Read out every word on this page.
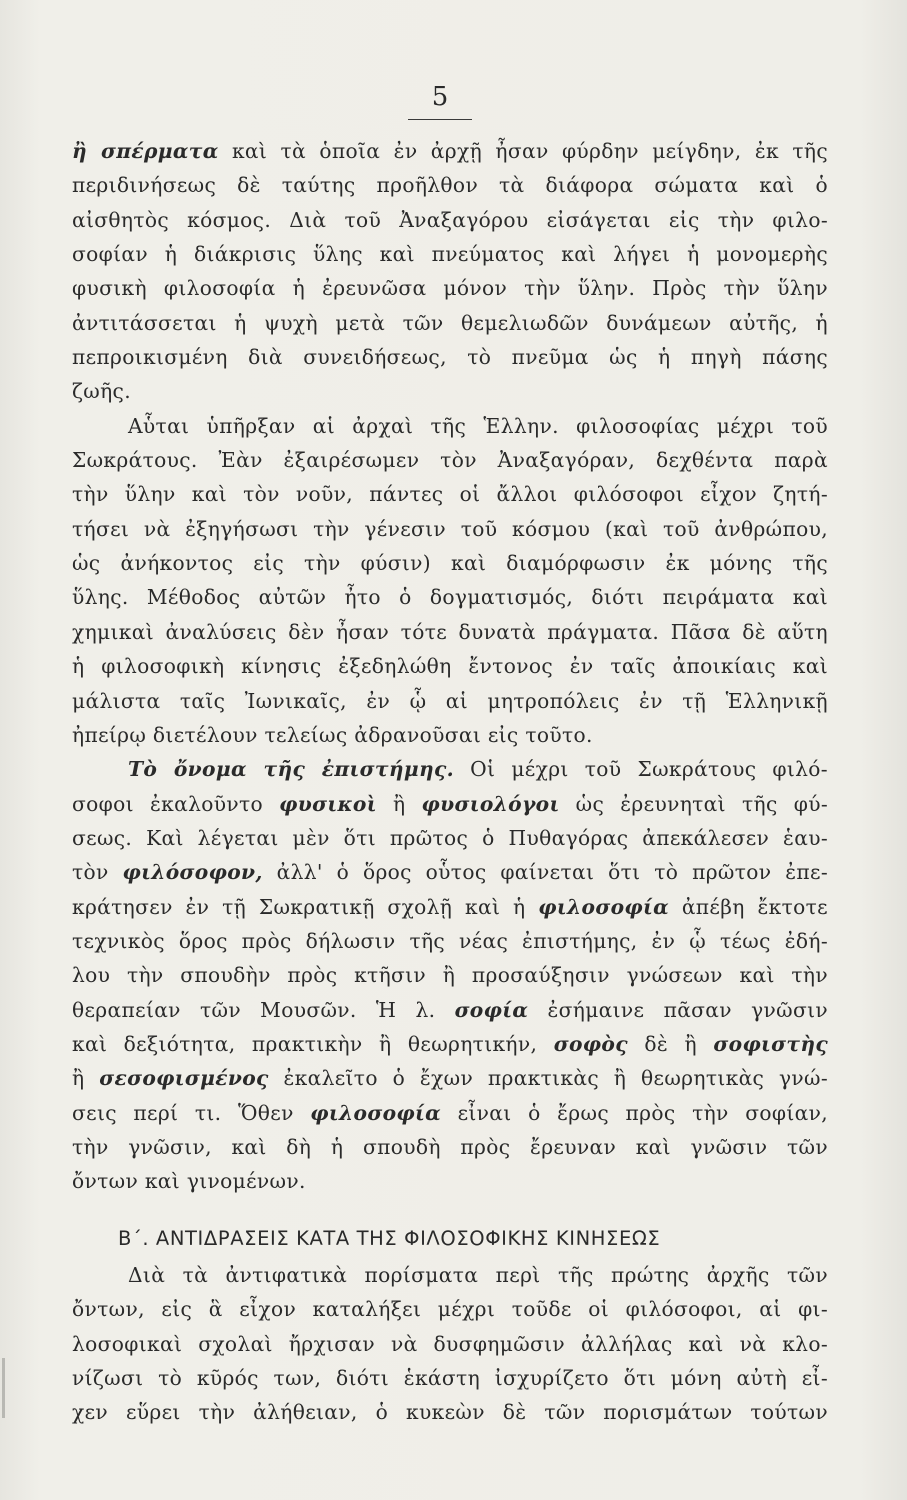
5
ἢ σπέρματα καὶ τὰ ὁποῖα ἐν ἀρχῇ ἦσαν φύρδην μείγδην, ἐκ τῆς
περιδινήσεως δὲ ταύτης προῆλθον τὰ διάφορα σώματα καὶ ὁ
αἰσθητὸς κόσμος. Διὰ τοῦ Ἀναξαγόρου εἰσάγεται εἰς τὴν φιλο-
σοφίαν ἡ διάκρισις ὕλης καὶ πνεύματος καὶ λήγει ἡ μονομερὴς
φυσικὴ φιλοσοφία ἡ ἐρευνῶσα μόνον τὴν ὕλην. Πρὸς τὴν ὕλην
ἀντιτάσσεται ἡ ψυχὴ μετὰ τῶν θεμελιωδῶν δυνάμεων αὐτῆς, ἡ
πεπροικισμένη διὰ συνειδήσεως, τὸ πνεῦμα ὡς ἡ πηγὴ πάσης
ζωῆς.
Αὗται ὑπῆρξαν αἱ ἀρχαὶ τῆς Ἑλλην. φιλοσοφίας μέχρι τοῦ
Σωκράτους. Ἐὰν ἐξαιρέσωμεν τὸν Ἀναξαγόραν, δεχθέντα παρὰ
τὴν ὕλην καὶ τὸν νοῦν, πάντες οἱ ἄλλοι φιλόσοφοι εἶχον ζητή-
τήσει νὰ ἐξηγήσωσι τὴν γένεσιν τοῦ κόσμου (καὶ τοῦ ἀνθρώπου,
ὡς ἀνήκοντος εἰς τὴν φύσιν) καὶ διαμόρφωσιν ἐκ μόνης τῆς
ὕλης. Μέθοδος αὐτῶν ἦτο ὁ δογματισμός, διότι πειράματα καὶ
χημικαὶ ἀναλύσεις δὲν ἦσαν τότε δυνατὰ πράγματα. Πᾶσα δὲ αὕτη
ἡ φιλοσοφικὴ κίνησις ἐξεδηλώθη ἔντονος ἐν ταῖς ἀποικίαις καὶ
μάλιστα ταῖς Ἰωνικαῖς, ἐν ᾧ αἱ μητροπόλεις ἐν τῇ Ἑλληνικῇ
ἠπείρῳ διετέλουν τελείως ἀδρανοῦσαι εἰς τοῦτο.
Τὸ ὄνομα τῆς ἐπιστήμης. Οἱ μέχρι τοῦ Σωκράτους φιλό-
σοφοι ἐκαλοῦντο φυσικοὶ ἢ φυσιολόγοι ὡς ἐρευνηταὶ τῆς φύ-
σεως. Καὶ λέγεται μὲν ὅτι πρῶτος ὁ Πυθαγόρας ἀπεκάλεσεν ἑαυ-
τὸν φιλόσοφον, ἀλλ' ὁ ὅρος οὗτος φαίνεται ὅτι τὸ πρῶτον ἐπε-
κράτησεν ἐν τῇ Σωκρατικῇ σχολῇ καὶ ἡ φιλοσοφία ἀπέβη ἔκτοτε
τεχνικὸς ὅρος πρὸς δήλωσιν τῆς νέας ἐπιστήμης, ἐν ᾧ τέως ἐδή-
λου τὴν σπουδὴν πρὸς κτῆσιν ἢ προσαύξησιν γνώσεων καὶ τὴν
θεραπείαν τῶν Μουσῶν. Ἡ λ. σοφία ἐσήμαινε πᾶσαν γνῶσιν
καὶ δεξιότητα, πρακτικὴν ἢ θεωρητικήν, σοφὸς δὲ ἢ σοφιστὴς
ἢ σεσοφισμένος ἐκαλεῖτο ὁ ἔχων πρακτικὰς ἢ θεωρητικὰς γνώ-
σεις περί τι. Ὅθεν φιλοσοφία εἶναι ὁ ἔρως πρὸς τὴν σοφίαν,
τὴν γνῶσιν, καὶ δὴ ἡ σπουδὴ πρὸς ἔρευναν καὶ γνῶσιν τῶν
ὄντων καὶ γινομένων.
Β΄. ΑΝΤΙΔΡΑΣΕΙΣ ΚΑΤΑ ΤΗΣ ΦΙΛΟΣΟΦΙΚΗΣ ΚΙΝΗΣΕΩΣ
Διὰ τὰ ἀντιφατικὰ πορίσματα περὶ τῆς πρώτης ἀρχῆς τῶν
ὄντων, εἰς ἃ εἶχον καταλήξει μέχρι τοῦδε οἱ φιλόσοφοι, αἱ φι-
λοσοφικαὶ σχολαὶ ἤρχισαν νὰ δυσφημῶσιν ἀλλήλας καὶ νὰ κλο-
νίζωσι τὸ κῦρός των, διότι ἑκάστη ἰσχυρίζετο ὅτι μόνη αὐτὴ εἶ-
χεν εὕρει τὴν ἀλήθειαν, ὁ κυκεὼν δὲ τῶν πορισμάτων τούτων
